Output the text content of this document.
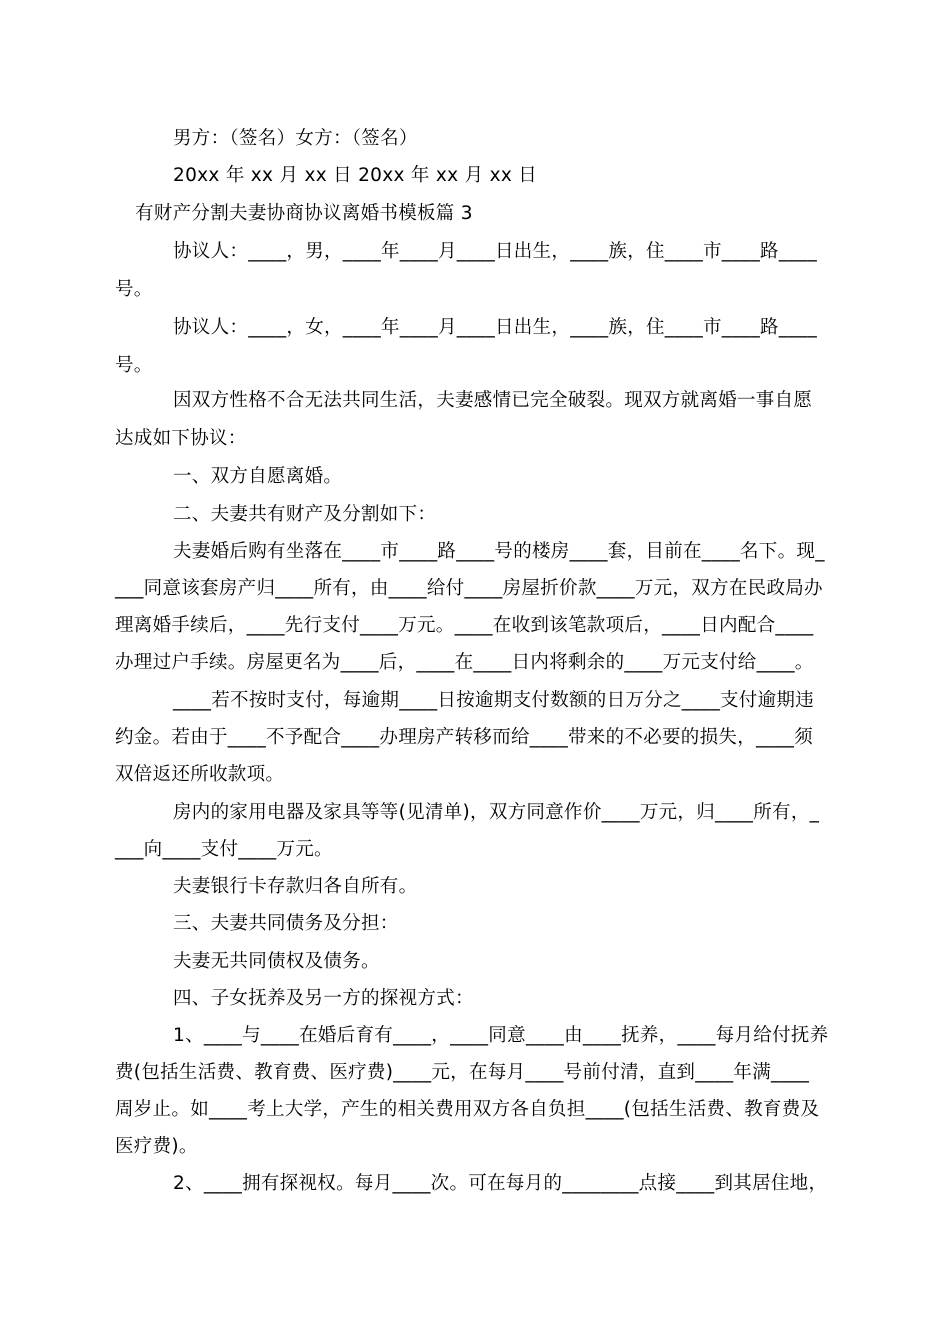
男方：（签名）女方：（签名）
20xx 年 xx 月 xx 日 20xx 年 xx 月 xx 日
有财产分割夫妻协商协议离婚书模板篇 3
协议人：____，男，____年____月____日出生，____族，住____市____路____
号。
协议人：____，女，____年____月____日出生，____族，住____市____路____
号。
因双方性格不合无法共同生活，夫妻感情已完全破裂。现双方就离婚一事自愿
达成如下协议：
一、双方自愿离婚。
二、夫妻共有财产及分割如下：
夫妻婚后购有坐落在____市____路____号的楼房____套，目前在____名下。现_
___同意该套房产归____所有，由____给付____房屋折价款____万元，双方在民政局办
理离婚手续后，____先行支付____万元。____在收到该笔款项后，____日内配合____
办理过户手续。房屋更名为____后，____在____日内将剩余的____万元支付给____。
____若不按时支付，每逾期____日按逾期支付数额的日万分之____支付逾期违
约金。若由于____不予配合____办理房产转移而给____带来的不必要的损失，____须
双倍返还所收款项。
房内的家用电器及家具等等(见清单)，双方同意作价____万元，归____所有，_
___向____支付____万元。
夫妻银行卡存款归各自所有。
三、夫妻共同债务及分担：
夫妻无共同债权及债务。
四、子女抚养及另一方的探视方式：
1、____与____在婚后育有____，____同意____由____抚养，____每月给付抚养
费(包括生活费、教育费、医疗费)____元，在每月____号前付清，直到____年满____
周岁止。如____考上大学，产生的相关费用双方各自负担____(包括生活费、教育费及
医疗费)。
2、____拥有探视权。每月____次。可在每月的________点接____到其居住地，
